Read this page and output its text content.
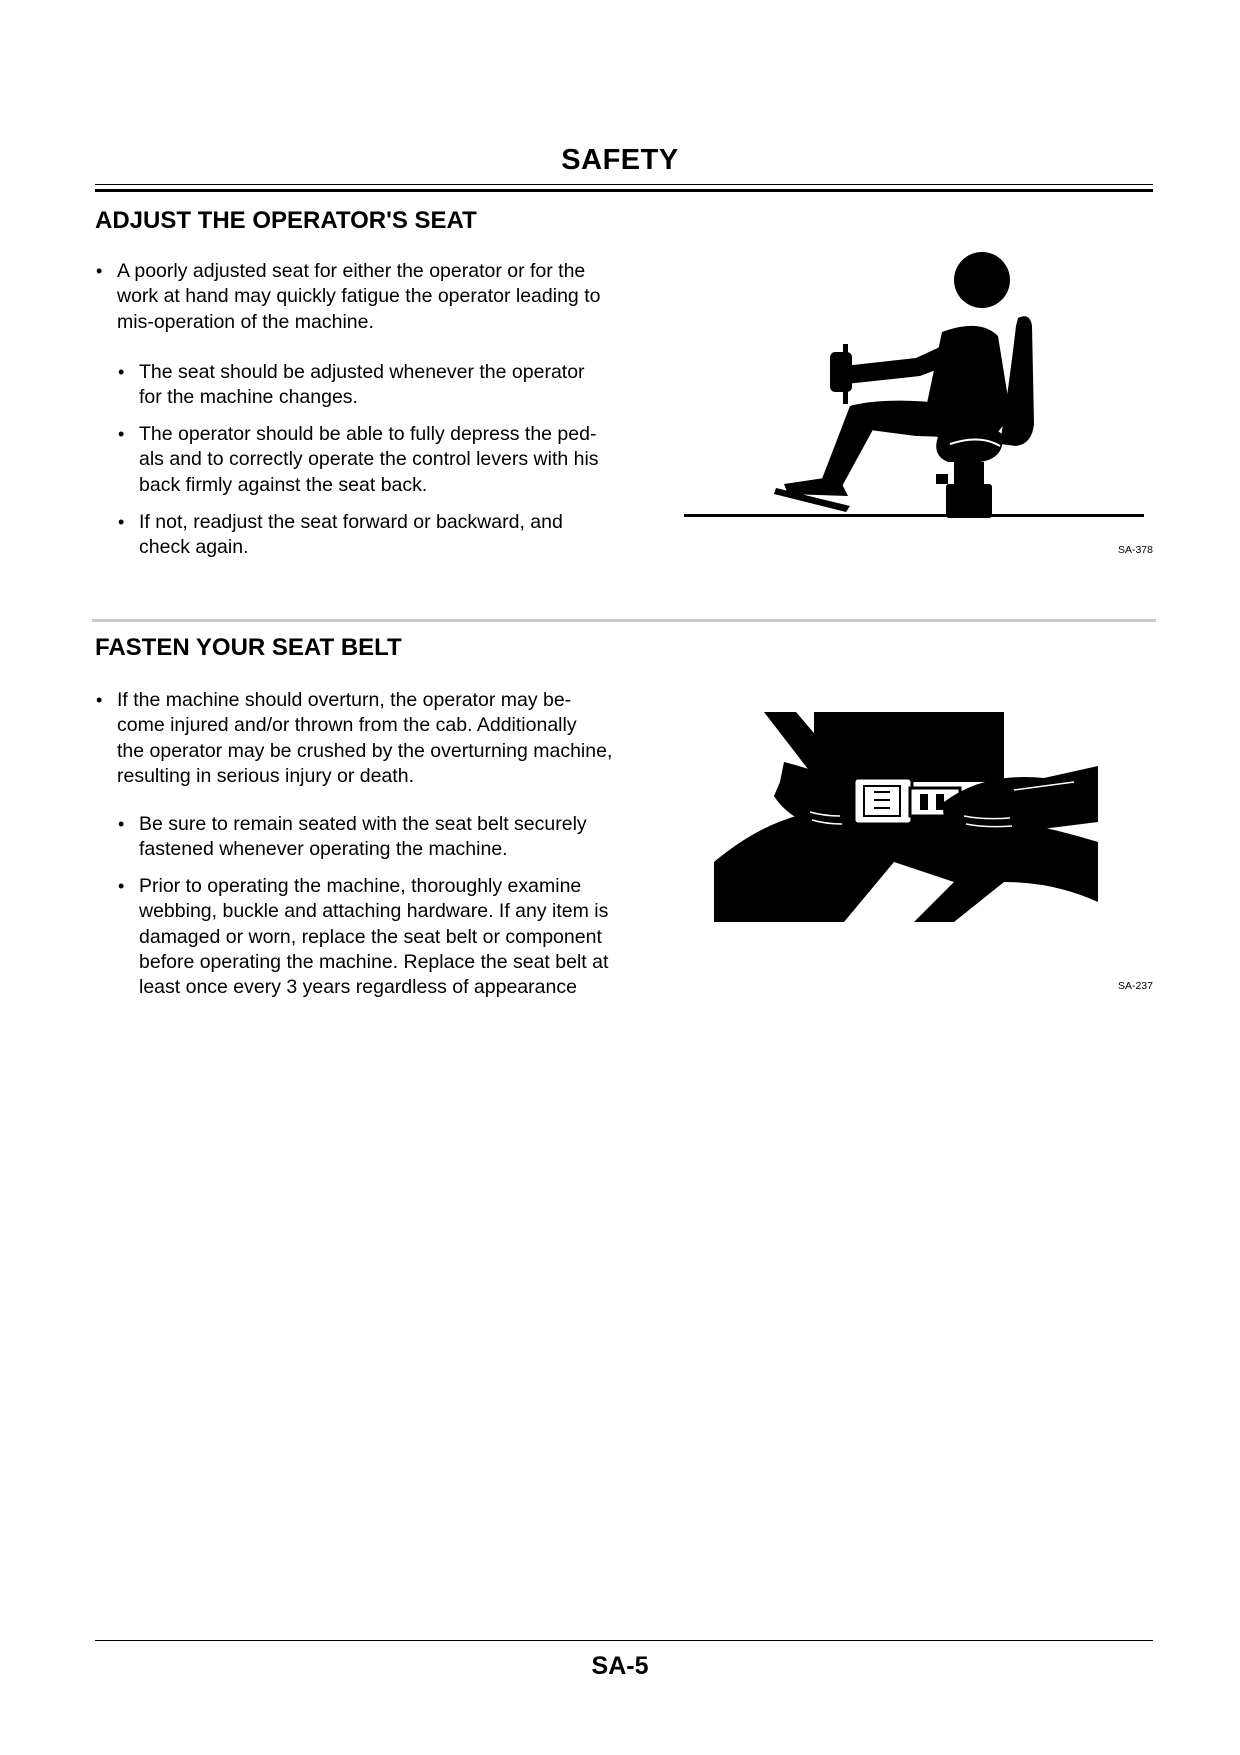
SAFETY
ADJUST THE OPERATOR'S SEAT
• A poorly adjusted seat for either the operator or for the
work at hand may quickly fatigue the operator leading to
mis-operation of the machine.
• The seat should be adjusted whenever the operator
for the machine changes.
• The operator should be able to fully depress the ped-
als and to correctly operate the control levers with his
back firmly against the seat back.
• If not, readjust the seat forward or backward, and
check again.	SA-378
FASTEN YOUR SEAT BELT
• If the machine should overturn, the operator may be-
come injured and/or thrown from the cab. Additionally
the operator may be crushed by the overturning machine,
resulting in serious injury or death.
• Be sure to remain seated with the seat belt securely
fastened whenever operating the machine.
• Prior to operating the machine, thoroughly examine
webbing, buckle and attaching hardware. If any item is
damaged or worn, replace the seat belt or component
before operating the machine. Replace the seat belt at
least once every 3 years regardless of appearance	SA-237
SA-5
